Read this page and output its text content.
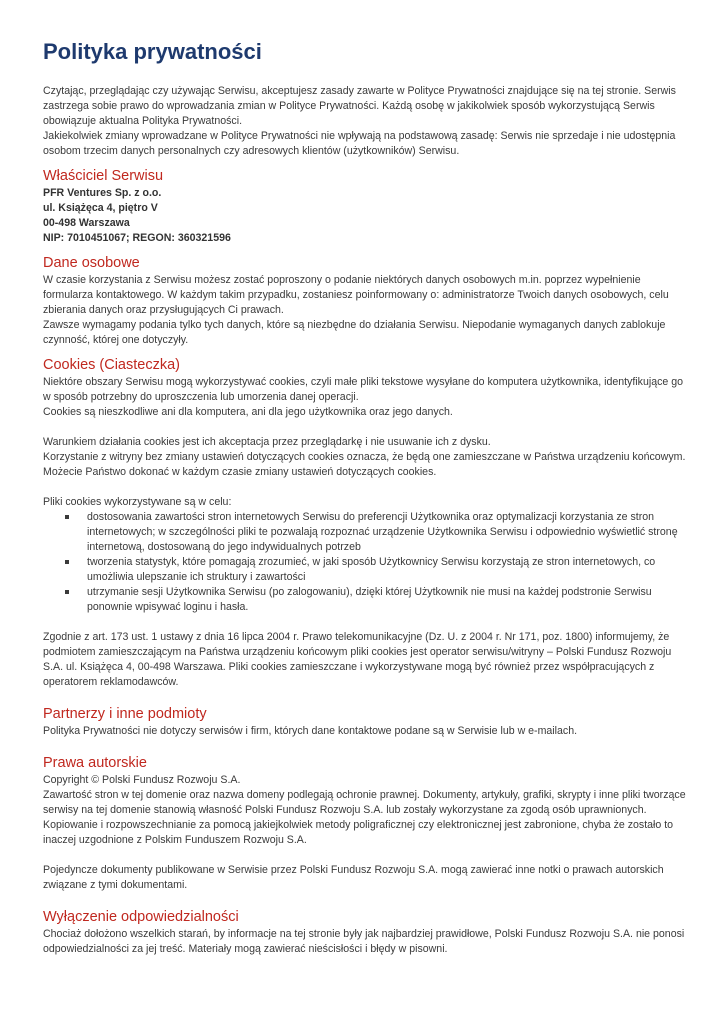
Polityka prywatności

Czytając, przeglądając czy używając Serwisu, akceptujesz zasady zawarte w Polityce Prywatności znajdujące się na tej stronie. Serwis zastrzega sobie prawo do wprowadzania zmian w Polityce Prywatności. Każdą osobę w jakikolwiek sposób wykorzystującą Serwis obowiązuje aktualna Polityka Prywatności.

Jakiekolwiek zmiany wprowadzane w Polityce Prywatności nie wpływają na podstawową zasadę: Serwis nie sprzedaje i nie udostępnia osobom trzecim danych personalnych czy adresowych klientów (użytkowników) Serwisu.

Właściciel Serwisu

PFR Ventures Sp. z o.o.

ul. Książęca 4, piętro V

00-498 Warszawa

NIP: 7010451067; REGON: 360321596

Dane osobowe

W czasie korzystania z Serwisu możesz zostać poproszony o podanie niektórych danych osobowych m.in. poprzez wypełnienie formularza kontaktowego. W każdym takim przypadku, zostaniesz poinformowany o: administratorze Twoich danych osobowych, celu zbierania danych oraz przysługujących Ci prawach.

Zawsze wymagamy podania tylko tych danych, które są niezbędne do działania Serwisu. Niepodanie wymaganych danych zablokuje czynność, której one dotyczyły.

Cookies (Ciasteczka)

Niektóre obszary Serwisu mogą wykorzystywać cookies, czyli małe pliki tekstowe wysyłane do komputera użytkownika, identyfikujące go w sposób potrzebny do uproszczenia lub umorzenia danej operacji.

Cookies są nieszkodliwe ani dla komputera, ani dla jego użytkownika oraz jego danych.

Warunkiem działania cookies jest ich akceptacja przez przeglądarkę i nie usuwanie ich z dysku.

Korzystanie z witryny bez zmiany ustawień dotyczących cookies oznacza, że będą one zamieszczane w Państwa urządzeniu końcowym. Możecie Państwo dokonać w każdym czasie zmiany ustawień dotyczących cookies.

Pliki cookies wykorzystywane są w celu:

dostosowania zawartości stron internetowych Serwisu do preferencji Użytkownika oraz optymalizacji korzystania ze stron internetowych; w szczególności pliki te pozwalają rozpoznać urządzenie Użytkownika Serwisu i odpowiednio wyświetlić stronę internetową, dostosowaną do jego indywidualnych potrzeb
tworzenia statystyk, które pomagają zrozumieć, w jaki sposób Użytkownicy Serwisu korzystają ze stron internetowych, co umożliwia ulepszanie ich struktury i zawartości
utrzymanie sesji Użytkownika Serwisu (po zalogowaniu), dzięki której Użytkownik nie musi na każdej podstronie Serwisu ponownie wpisywać loginu i hasła.

Zgodnie z art. 173 ust. 1 ustawy z dnia 16 lipca 2004 r. Prawo telekomunikacyjne (Dz. U. z 2004 r. Nr 171, poz. 1800) informujemy, że podmiotem zamieszczającym na Państwa urządzeniu końcowym pliki cookies jest operator serwisu/witryny – Polski Fundusz Rozwoju S.A. ul. Książęca 4, 00-498 Warszawa. Pliki cookies zamieszczane i wykorzystywane mogą być również przez współpracujących z operatorem reklamodawców.

Partnerzy i inne podmioty

Polityka Prywatności nie dotyczy serwisów i firm, których dane kontaktowe podane są w Serwisie lub w e-mailach.

Prawa autorskie

Copyright © Polski Fundusz Rozwoju S.A.

Zawartość stron w tej domenie oraz nazwa domeny podlegają ochronie prawnej. Dokumenty, artykuły, grafiki, skrypty i inne pliki tworzące serwisy na tej domenie stanowią własność Polski Fundusz Rozwoju S.A. lub zostały wykorzystane za zgodą osób uprawnionych.

Kopiowanie i rozpowszechnianie za pomocą jakiejkolwiek metody poligraficznej czy elektronicznej jest zabronione, chyba że zostało to inaczej uzgodnione z Polskim Funduszem Rozwoju S.A.

Pojedyncze dokumenty publikowane w Serwisie przez Polski Fundusz Rozwoju S.A. mogą zawierać inne notki o prawach autorskich związane z tymi dokumentami.

Wyłączenie odpowiedzialności

Chociaż dołożono wszelkich starań, by informacje na tej stronie były jak najbardziej prawidłowe, Polski Fundusz Rozwoju S.A. nie ponosi odpowiedzialności za jej treść. Materiały mogą zawierać nieścisłości i błędy w pisowni.
